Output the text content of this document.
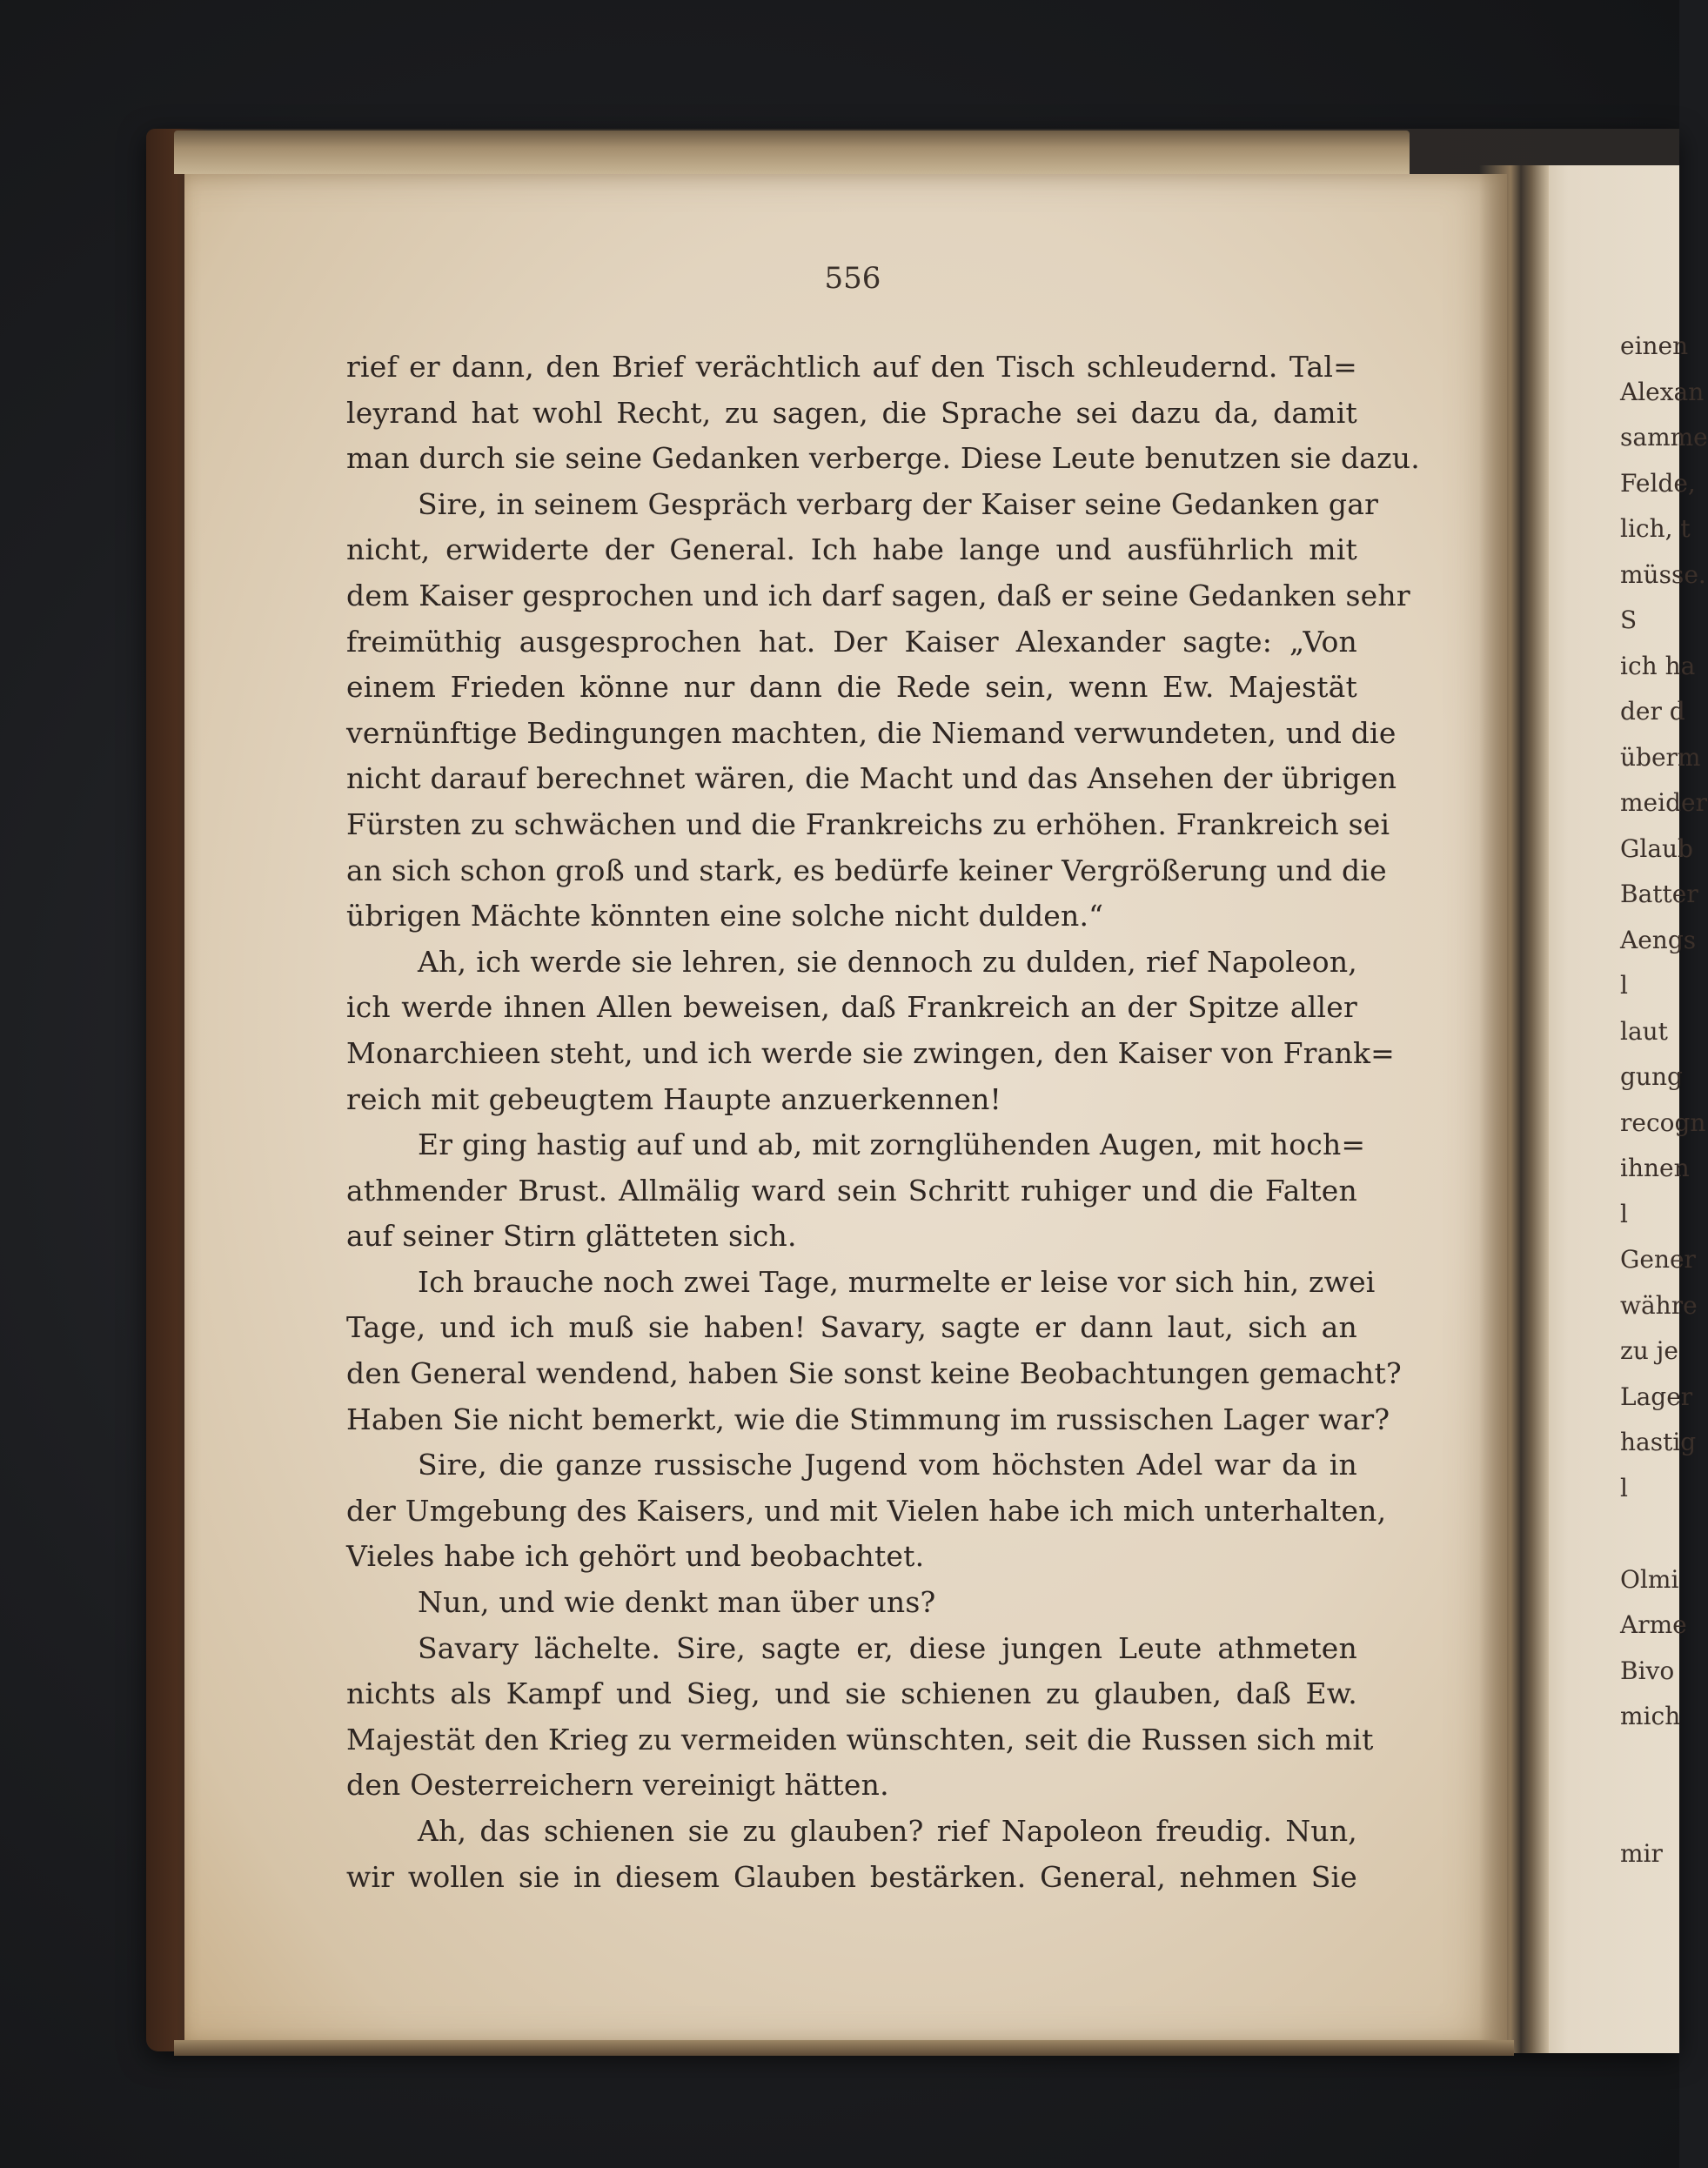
556
rief er dann, den Brief verächtlich auf den Tisch schleudernd. Tal=
leyrand hat wohl Recht, zu sagen, die Sprache sei dazu da, damit
man durch sie seine Gedanken verberge. Diese Leute benutzen sie dazu.
Sire, in seinem Gespräch verbarg der Kaiser seine Gedanken gar
nicht, erwiderte der General. Ich habe lange und ausführlich mit
dem Kaiser gesprochen und ich darf sagen, daß er seine Gedanken sehr
freimüthig ausgesprochen hat. Der Kaiser Alexander sagte: „Von
einem Frieden könne nur dann die Rede sein, wenn Ew. Majestät
vernünftige Bedingungen machten, die Niemand verwundeten, und die
nicht darauf berechnet wären, die Macht und das Ansehen der übrigen
Fürsten zu schwächen und die Frankreichs zu erhöhen. Frankreich sei
an sich schon groß und stark, es bedürfe keiner Vergrößerung und die
übrigen Mächte könnten eine solche nicht dulden.“
Ah, ich werde sie lehren, sie dennoch zu dulden, rief Napoleon,
ich werde ihnen Allen beweisen, daß Frankreich an der Spitze aller
Monarchieen steht, und ich werde sie zwingen, den Kaiser von Frank=
reich mit gebeugtem Haupte anzuerkennen!
Er ging hastig auf und ab, mit zornglühenden Augen, mit hoch=
athmender Brust. Allmälig ward sein Schritt ruhiger und die Falten
auf seiner Stirn glätteten sich.
Ich brauche noch zwei Tage, murmelte er leise vor sich hin, zwei
Tage, und ich muß sie haben! Savary, sagte er dann laut, sich an
den General wendend, haben Sie sonst keine Beobachtungen gemacht?
Haben Sie nicht bemerkt, wie die Stimmung im russischen Lager war?
Sire, die ganze russische Jugend vom höchsten Adel war da in
der Umgebung des Kaisers, und mit Vielen habe ich mich unterhalten,
Vieles habe ich gehört und beobachtet.
Nun, und wie denkt man über uns?
Savary lächelte. Sire, sagte er, diese jungen Leute athmeten
nichts als Kampf und Sieg, und sie schienen zu glauben, daß Ew.
Majestät den Krieg zu vermeiden wünschten, seit die Russen sich mit
den Oesterreichern vereinigt hätten.
Ah, das schienen sie zu glauben? rief Napoleon freudig. Nun,
wir wollen sie in diesem Glauben bestärken. General, nehmen Sie
einen
Alexan
samme
Felde,
lich, t
müsse.
S
ich ha
der d
überm
meider
Glaub
Batter
Aengs
l
laut
gung
recogn
ihnen
l
Gener
währe
zu je
Lager
hastig
l
Olmi
Arme
Bivo
mich
mir
